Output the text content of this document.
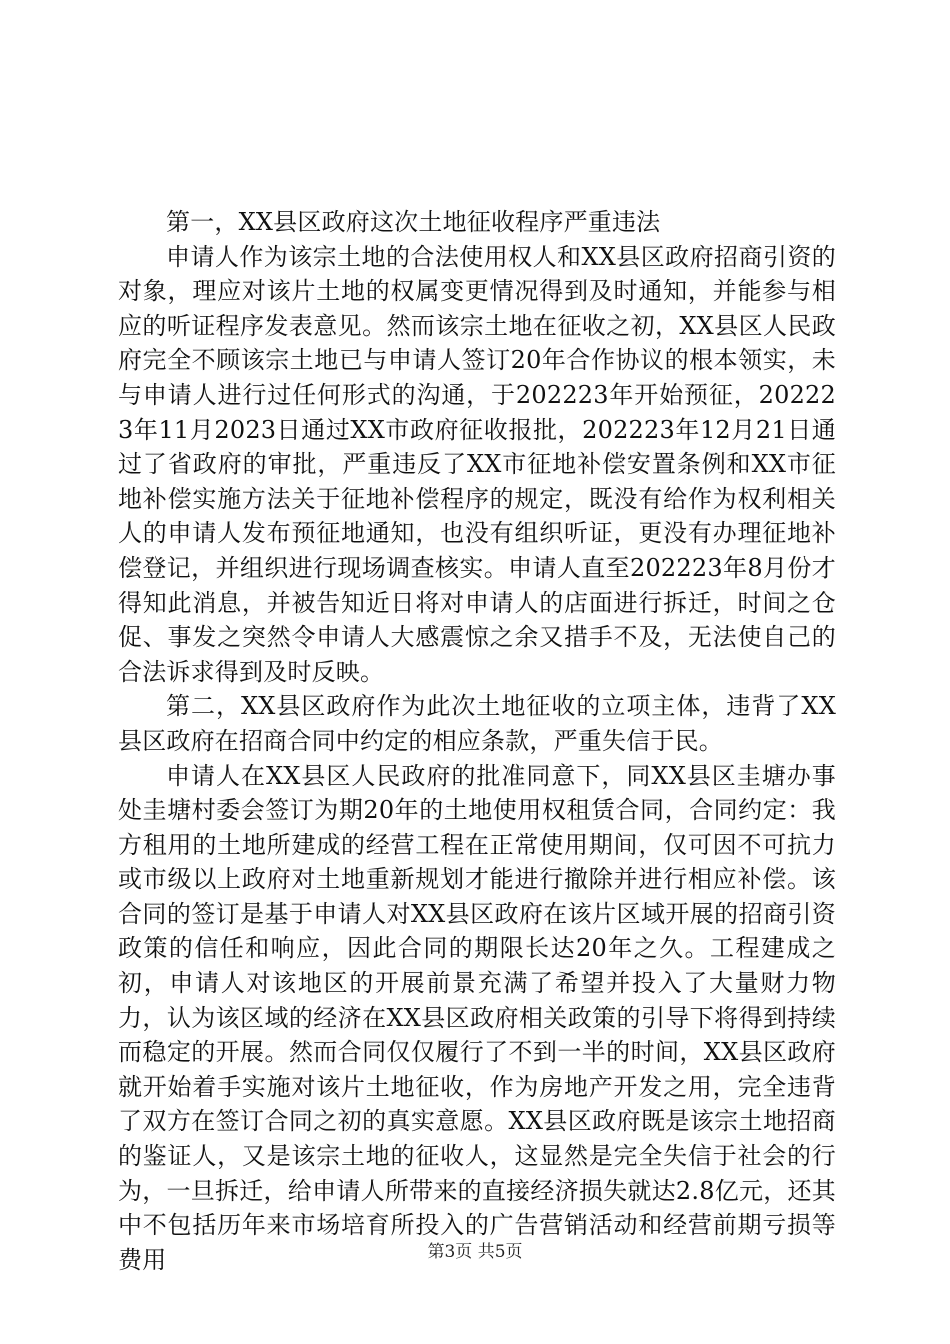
第一，XX县区政府这次土地征收程序严重违法

申请人作为该宗土地的合法使用权人和XX县区政府招商引资的对象，理应对该片土地的权属变更情况得到及时通知，并能参与相应的听证程序发表意见。然而该宗土地在征收之初，XX县区人民政府完全不顾该宗土地已与申请人签订20年合作协议的根本领实，未与申请人进行过任何形式的沟通，于202223年开始预征，202223年11月2023日通过XX市政府征收报批，202223年12月21日通过了省政府的审批，严重违反了XX市征地补偿安置条例和XX市征地补偿实施方法关于征地补偿程序的规定，既没有给作为权利相关人的申请人发布预征地通知，也没有组织听证，更没有办理征地补偿登记，并组织进行现场调查核实。申请人直至202223年8月份才得知此消息，并被告知近日将对申请人的店面进行拆迁，时间之仓促、事发之突然令申请人大感震惊之余又措手不及，无法使自己的合法诉求得到及时反映。

第二，XX县区政府作为此次土地征收的立项主体，违背了XX县区政府在招商合同中约定的相应条款，严重失信于民。

申请人在XX县区人民政府的批准同意下，同XX县区圭塘办事处圭塘村委会签订为期20年的土地使用权租赁合同，合同约定：我方租用的土地所建成的经营工程在正常使用期间，仅可因不可抗力或市级以上政府对土地重新规划才能进行撤除并进行相应补偿。该合同的签订是基于申请人对XX县区政府在该片区域开展的招商引资政策的信任和响应，因此合同的期限长达20年之久。工程建成之初，申请人对该地区的开展前景充满了希望并投入了大量财力物力，认为该区域的经济在XX县区政府相关政策的引导下将得到持续而稳定的开展。然而合同仅仅履行了不到一半的时间，XX县区政府就开始着手实施对该片土地征收，作为房地产开发之用，完全违背了双方在签订合同之初的真实意愿。XX县区政府既是该宗土地招商的鉴证人，又是该宗土地的征收人，这显然是完全失信于社会的行为，一旦拆迁，给申请人所带来的直接经济损失就达2.8亿元，还其中不包括历年来市场培育所投入的广告营销活动和经营前期亏损等费用	第3页 共5页
